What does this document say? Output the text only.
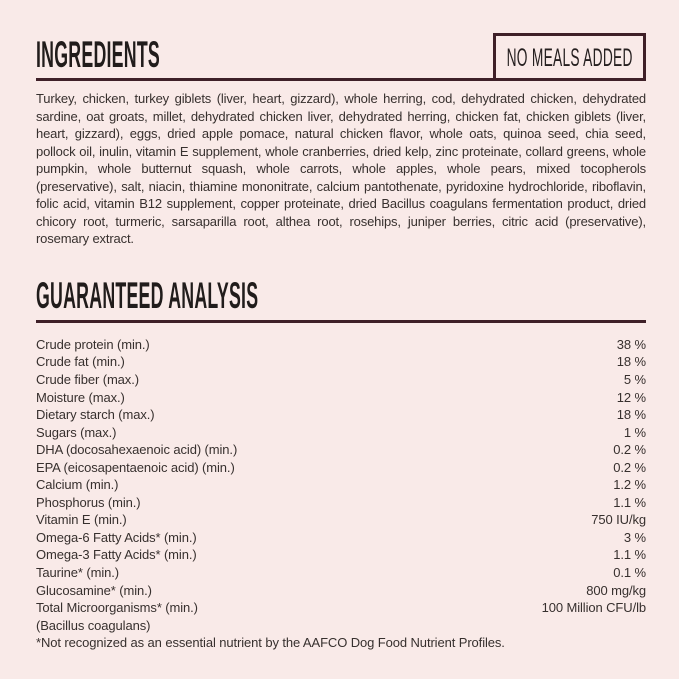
INGREDIENTS	NO MEALS ADDED

Turkey, chicken, turkey giblets (liver, heart, gizzard), whole herring, cod, dehydrated chicken, dehydrated sardine, oat groats, millet, dehydrated chicken liver, dehydrated herring, chicken fat, chicken giblets (liver, heart, gizzard), eggs, dried apple pomace, natural chicken flavor, whole oats, quinoa seed, chia seed, pollock oil, inulin, vitamin E supplement, whole cranberries, dried kelp, zinc proteinate, collard greens, whole pumpkin, whole butternut squash, whole carrots, whole apples, whole pears, mixed tocopherols (preservative), salt, niacin, thiamine mononitrate, calcium pantothenate, pyridoxine hydrochloride, riboflavin, folic acid, vitamin B12 supplement, copper proteinate, dried Bacillus coagulans fermentation product, dried chicory root, turmeric, sarsaparilla root, althea root, rosehips, juniper berries, citric acid (preservative), rosemary extract.

GUARANTEED ANALYSIS
Crude protein (min.)	38 %
Crude fat (min.)	18 %
Crude fiber (max.)	5 %
Moisture (max.)	12 %
Dietary starch (max.)	18 %
Sugars (max.)	1 %
DHA (docosahexaenoic acid) (min.)	0.2 %
EPA (eicosapentaenoic acid) (min.)	0.2 %
Calcium (min.)	1.2 %
Phosphorus (min.)	1.1 %
Vitamin E (min.)	750 IU/kg
Omega-6 Fatty Acids* (min.)	3 %
Omega-3 Fatty Acids* (min.)	1.1 %
Taurine* (min.)	0.1 %
Glucosamine* (min.)	800 mg/kg
Total Microorganisms* (min.)	100 Million CFU/lb
(Bacillus coagulans)
*Not recognized as an essential nutrient by the AAFCO Dog Food Nutrient Profiles.
